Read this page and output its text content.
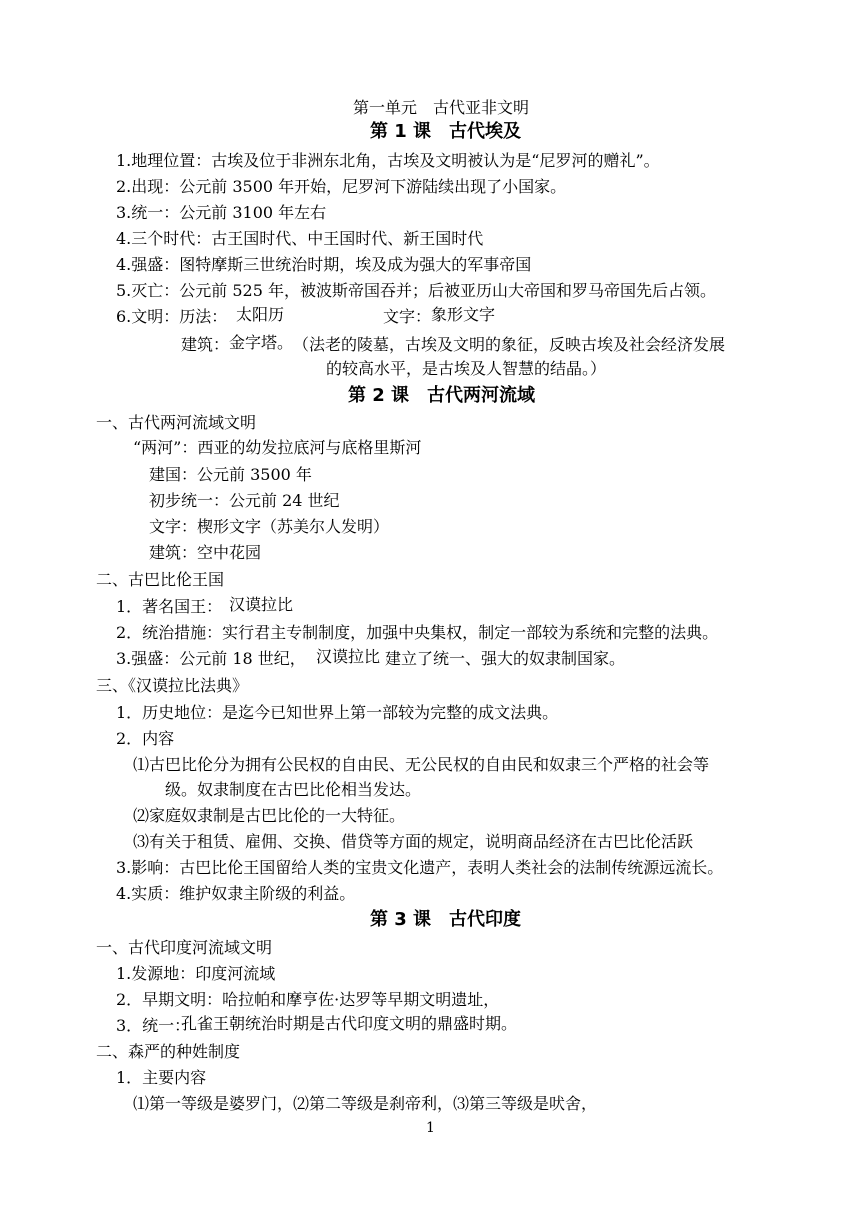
第一单元　古代亚非文明
第 1 课　古代埃及
1.地理位置：古埃及位于非洲东北角，古埃及文明被认为是“尼罗河的赠礼”。
2.出现：公元前 3500 年开始，尼罗河下游陆续出现了小国家。
3.统一：公元前 3100 年左右
4.三个时代：古王国时代、中王国时代、新王国时代
4.强盛：图特摩斯三世统治时期，埃及成为强大的军事帝国
5.灭亡：公元前 525 年，被波斯帝国吞并；后被亚历山大帝国和罗马帝国先后占领。
6.文明：历法： 太阳历	文字： 象形文字
建筑： 金字塔。 （法老的陵墓，古埃及文明的象征，反映古埃及社会经济发展
的较高水平，是古埃及人智慧的结晶。）
第 2 课　古代两河流域
一、古代两河流域文明
“两河”：西亚的幼发拉底河与底格里斯河
建国：公元前 3500 年
初步统一：公元前 24 世纪
文字：楔形文字（苏美尔人发明）
建筑：空中花园
二、古巴比伦王国
1．著名国王： 汉谟拉比
2．统治措施：实行君主专制制度，加强中央集权，制定一部较为系统和完整的法典。
3.强盛：公元前 18 世纪， 汉谟拉比 建立了统一、强大的奴隶制国家。
三、《汉谟拉比法典》
1．历史地位：是迄今已知世界上第一部较为完整的成文法典。
2．内容
⑴古巴比伦分为拥有公民权的自由民、无公民权的自由民和奴隶三个严格的社会等
级。奴隶制度在古巴比伦相当发达。
⑵家庭奴隶制是古巴比伦的一大特征。
⑶有关于租赁、雇佣、交换、借贷等方面的规定，说明商品经济在古巴比伦活跃
3.影响：古巴比伦王国留给人类的宝贵文化遗产，表明人类社会的法制传统源远流长。
4.实质：维护奴隶主阶级的利益。
第 3 课　古代印度
一、古代印度河流域文明
1.发源地：印度河流域
2．早期文明：哈拉帕和摩亨佐·达罗等早期文明遗址，
3．统一：
孔雀王朝统治时期是古代印度文明的鼎盛时期。
二、森严的种姓制度
1．主要内容
⑴第一等级是婆罗门，⑵第二等级是刹帝利，⑶第三等级是吠舍，
1
